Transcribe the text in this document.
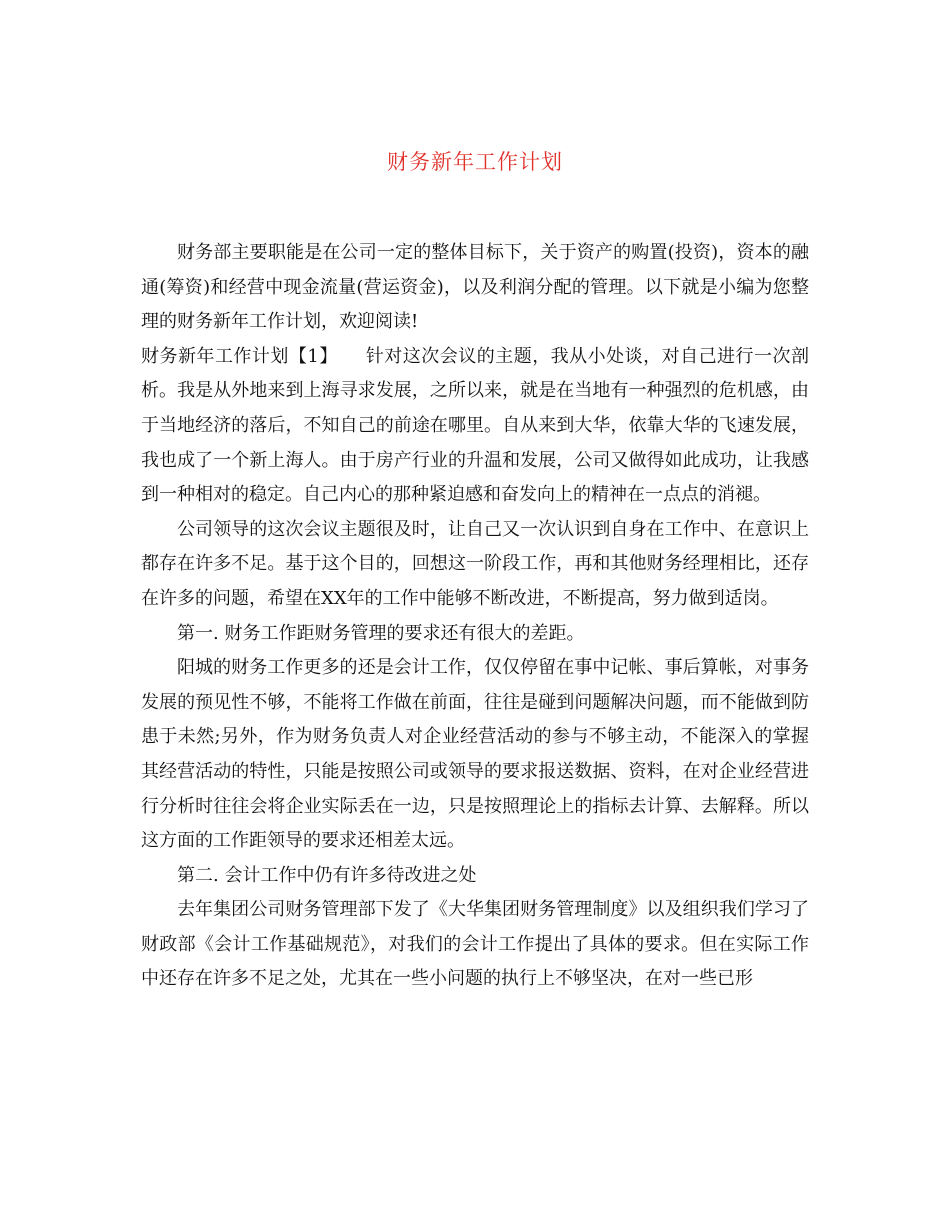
财务新年工作计划

财务部主要职能是在公司一定的整体目标下，关于资产的购置(投资)，资本的融通(筹资)和经营中现金流量(营运资金)，以及利润分配的管理。以下就是小编为您整理的财务新年工作计划，欢迎阅读!

财务新年工作计划【1】 针对这次会议的主题，我从小处谈，对自己进行一次剖析。我是从外地来到上海寻求发展，之所以来，就是在当地有一种强烈的危机感，由于当地经济的落后，不知自己的前途在哪里。自从来到大华，依靠大华的飞速发展，我也成了一个新上海人。由于房产行业的升温和发展，公司又做得如此成功，让我感到一种相对的稳定。自己内心的那种紧迫感和奋发向上的精神在一点点的消褪。

公司领导的这次会议主题很及时，让自己又一次认识到自身在工作中、在意识上都存在许多不足。基于这个目的，回想这一阶段工作，再和其他财务经理相比，还存在许多的问题，希望在XX年的工作中能够不断改进，不断提高，努力做到适岗。

第一. 财务工作距财务管理的要求还有很大的差距。

阳城的财务工作更多的还是会计工作，仅仅停留在事中记帐、事后算帐，对事务发展的预见性不够，不能将工作做在前面，往往是碰到问题解决问题，而不能做到防患于未然;另外，作为财务负责人对企业经营活动的参与不够主动，不能深入的掌握其经营活动的特性，只能是按照公司或领导的要求报送数据、资料，在对企业经营进行分析时往往会将企业实际丢在一边，只是按照理论上的指标去计算、去解释。所以这方面的工作距领导的要求还相差太远。

第二. 会计工作中仍有许多待改进之处

去年集团公司财务管理部下发了《大华集团财务管理制度》以及组织我们学习了财政部《会计工作基础规范》，对我们的会计工作提出了具体的要求。但在实际工作中还存在许多不足之处，尤其在一些小问题的执行上不够坚决，在对一些已形
